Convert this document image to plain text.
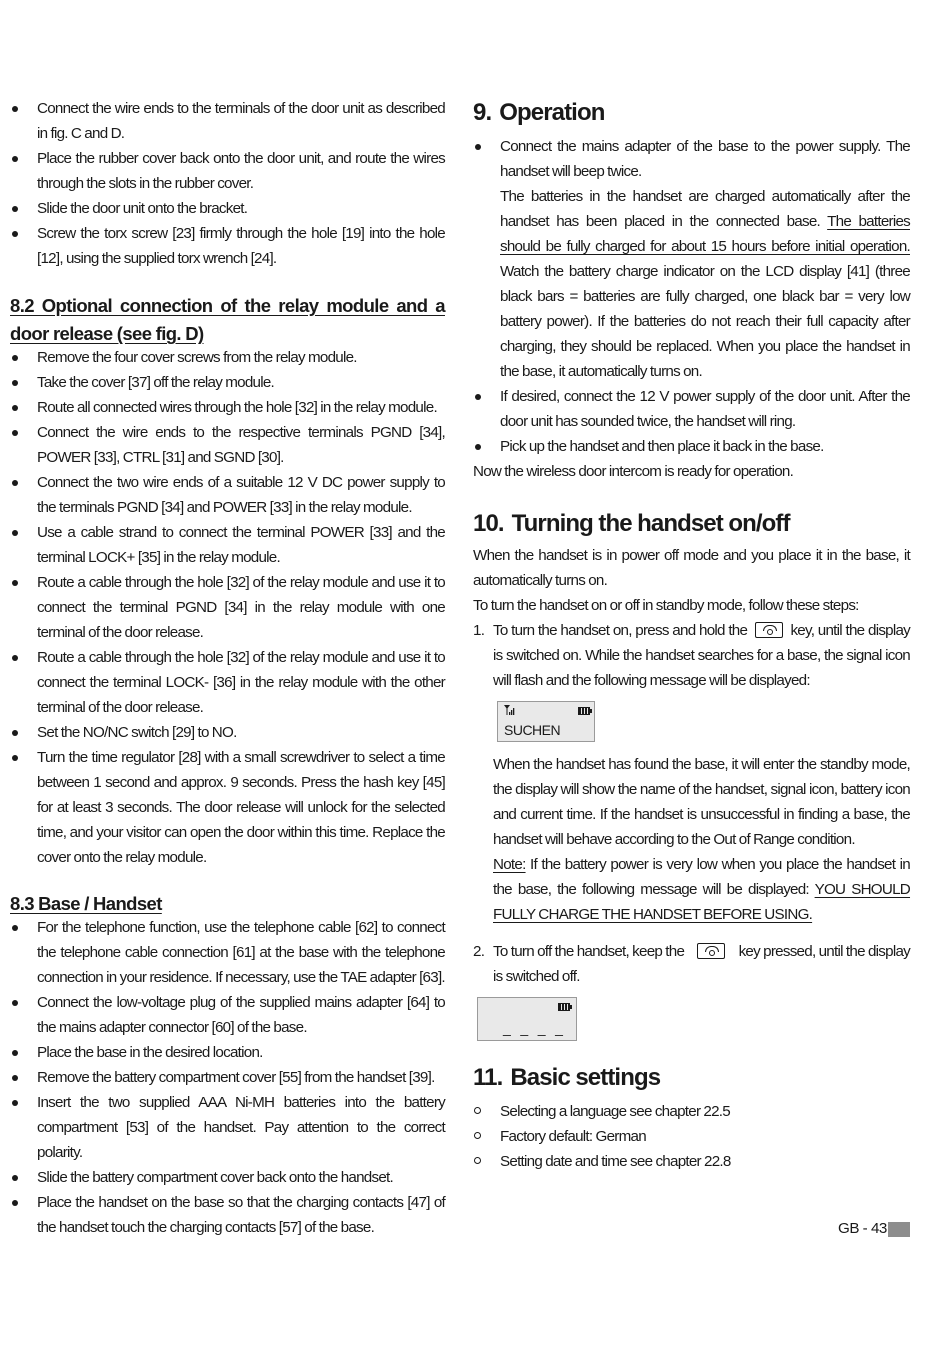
Connect the wire ends to the terminals of the door unit as described in fig. C and D.
Place the rubber cover back onto the door unit, and route the wires through the slots in the rubber cover.
Slide the door unit onto the bracket.
Screw the torx screw [23] firmly through the hole [19] into the hole [12], using the supplied torx wrench [24].
8.2 Optional connection of the relay module and a door release (see fig. D)
Remove the four cover screws from the relay module.
Take the cover [37] off the relay module.
Route all connected wires through the hole [32] in the relay module.
Connect the wire ends to the respective terminals PGND [34], POWER [33], CTRL [31] and SGND [30].
Connect the two wire ends of a suitable 12 V DC power supply to the terminals PGND [34] and POWER [33] in the relay module.
Use a cable strand to connect the terminal POWER [33] and the terminal LOCK+ [35] in the relay module.
Route a cable through the hole [32] of the relay module and use it to connect the terminal PGND [34] in the relay module with one terminal of the door release.
Route a cable through the hole [32] of the relay module and use it to connect the terminal LOCK- [36] in the relay module with the other terminal of the door release.
Set the NO/NC switch [29] to NO.
Turn the time regulator [28] with a small screwdriver to select a time between 1 second and approx. 9 seconds. Press the hash key [45] for at least 3 seconds. The door release will unlock for the selected time, and your visitor can open the door within this time. Replace the cover onto the relay module.
8.3 Base / Handset
For the telephone function, use the telephone cable [62] to connect the telephone cable connection [61] at the base with the telephone connection in your residence. If necessary, use the TAE adapter [63].
Connect the low-voltage plug of the supplied mains adapter [64] to the mains adapter connector [60] of the base.
Place the base in the desired location.
Remove the battery compartment cover [55] from the handset [39].
Insert the two supplied AAA Ni-MH batteries into the battery compartment [53] of the handset. Pay attention to the correct polarity.
Slide the battery compartment cover back onto the handset.
Place the handset on the base so that the charging contacts [47] of the handset touch the charging contacts [57] of the base.
9. Operation
Connect the mains adapter of the base to the power supply. The handset will beep twice.
The batteries in the handset are charged automatically after the handset has been placed in the connected base. The batteries should be fully charged for about 15 hours before initial operation. Watch the battery charge indicator on the LCD display [41] (three black bars = batteries are fully charged, one black bar = very low battery power). If the batteries do not reach their full capacity after charging, they should be replaced. When you place the handset in the base, it automatically turns on.
If desired, connect the 12 V power supply of the door unit. After the door unit has sounded twice, the handset will ring.
Pick up the handset and then place it back in the base.
Now the wireless door intercom is ready for operation.
10. Turning the handset on/off
When the handset is in power off mode and you place it in the base, it automatically turns on.
To turn the handset on or off in standby mode, follow these steps:
1. To turn the handset on, press and hold the	key, until the display is switched on. While the handset searches for a base, the signal icon will flash and the following message will be displayed:
SUCHEN
When the handset has found the base, it will enter the standby mode, the display will show the name of the handset, signal icon, battery icon and current time. If the handset is unsuccessful in finding a base, the handset will behave according to the Out of Range condition.
Note: If the battery power is very low when you place the handset in the base, the following message will be displayed: YOU SHOULD FULLY CHARGE THE HANDSET BEFORE USING.
2. To turn off the handset, keep the	key pressed, until the display is switched off.
_ _ _ _
11. Basic settings
Selecting a language see chapter 22.5
Factory default: German
Setting date and time see chapter 22.8
GB - 43
